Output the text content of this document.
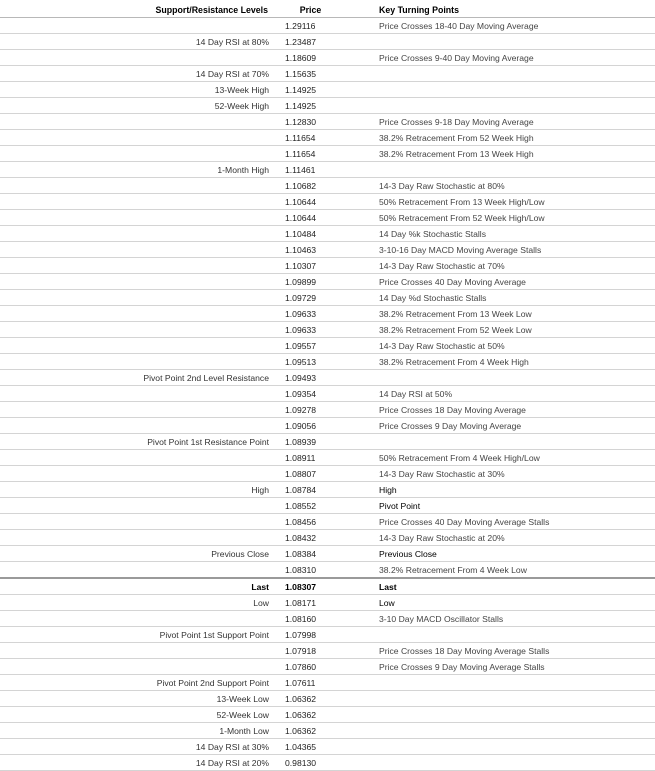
Support/Resistance Levels	Price	Key Turning Points
	1.29116	Price Crosses 18-40 Day Moving Average
14 Day RSI at 80%	1.23487	
	1.18609	Price Crosses 9-40 Day Moving Average
14 Day RSI at 70%	1.15635	
13-Week High	1.14925	
52-Week High	1.14925	
	1.12830	Price Crosses 9-18 Day Moving Average
	1.11654	38.2% Retracement From 52 Week High
	1.11654	38.2% Retracement From 13 Week High
1-Month High	1.11461	
	1.10682	14-3 Day Raw Stochastic at 80%
	1.10644	50% Retracement From 13 Week High/Low
	1.10644	50% Retracement From 52 Week High/Low
	1.10484	14 Day %k Stochastic Stalls
	1.10463	3-10-16 Day MACD Moving Average Stalls
	1.10307	14-3 Day Raw Stochastic at 70%
	1.09899	Price Crosses 40 Day Moving Average
	1.09729	14 Day %d Stochastic Stalls
	1.09633	38.2% Retracement From 13 Week Low
	1.09633	38.2% Retracement From 52 Week Low
	1.09557	14-3 Day Raw Stochastic at 50%
	1.09513	38.2% Retracement From 4 Week High
Pivot Point 2nd Level Resistance	1.09493	
	1.09354	14 Day RSI at 50%
	1.09278	Price Crosses 18 Day Moving Average
	1.09056	Price Crosses 9 Day Moving Average
Pivot Point 1st Resistance Point	1.08939	
	1.08911	50% Retracement From 4 Week High/Low
	1.08807	14-3 Day Raw Stochastic at 30%
High	1.08784	High
	1.08552	Pivot Point
	1.08456	Price Crosses 40 Day Moving Average Stalls
	1.08432	14-3 Day Raw Stochastic at 20%
Previous Close	1.08384	Previous Close
	1.08310	38.2% Retracement From 4 Week Low
Last	1.08307	Last
Low	1.08171	Low
	1.08160	3-10 Day MACD Oscillator Stalls
Pivot Point 1st Support Point	1.07998	
	1.07918	Price Crosses 18 Day Moving Average Stalls
	1.07860	Price Crosses 9 Day Moving Average Stalls
Pivot Point 2nd Support Point	1.07611	
13-Week Low	1.06362	
52-Week Low	1.06362	
1-Month Low	1.06362	
14 Day RSI at 30%	1.04365	
14 Day RSI at 20%	0.98130	
